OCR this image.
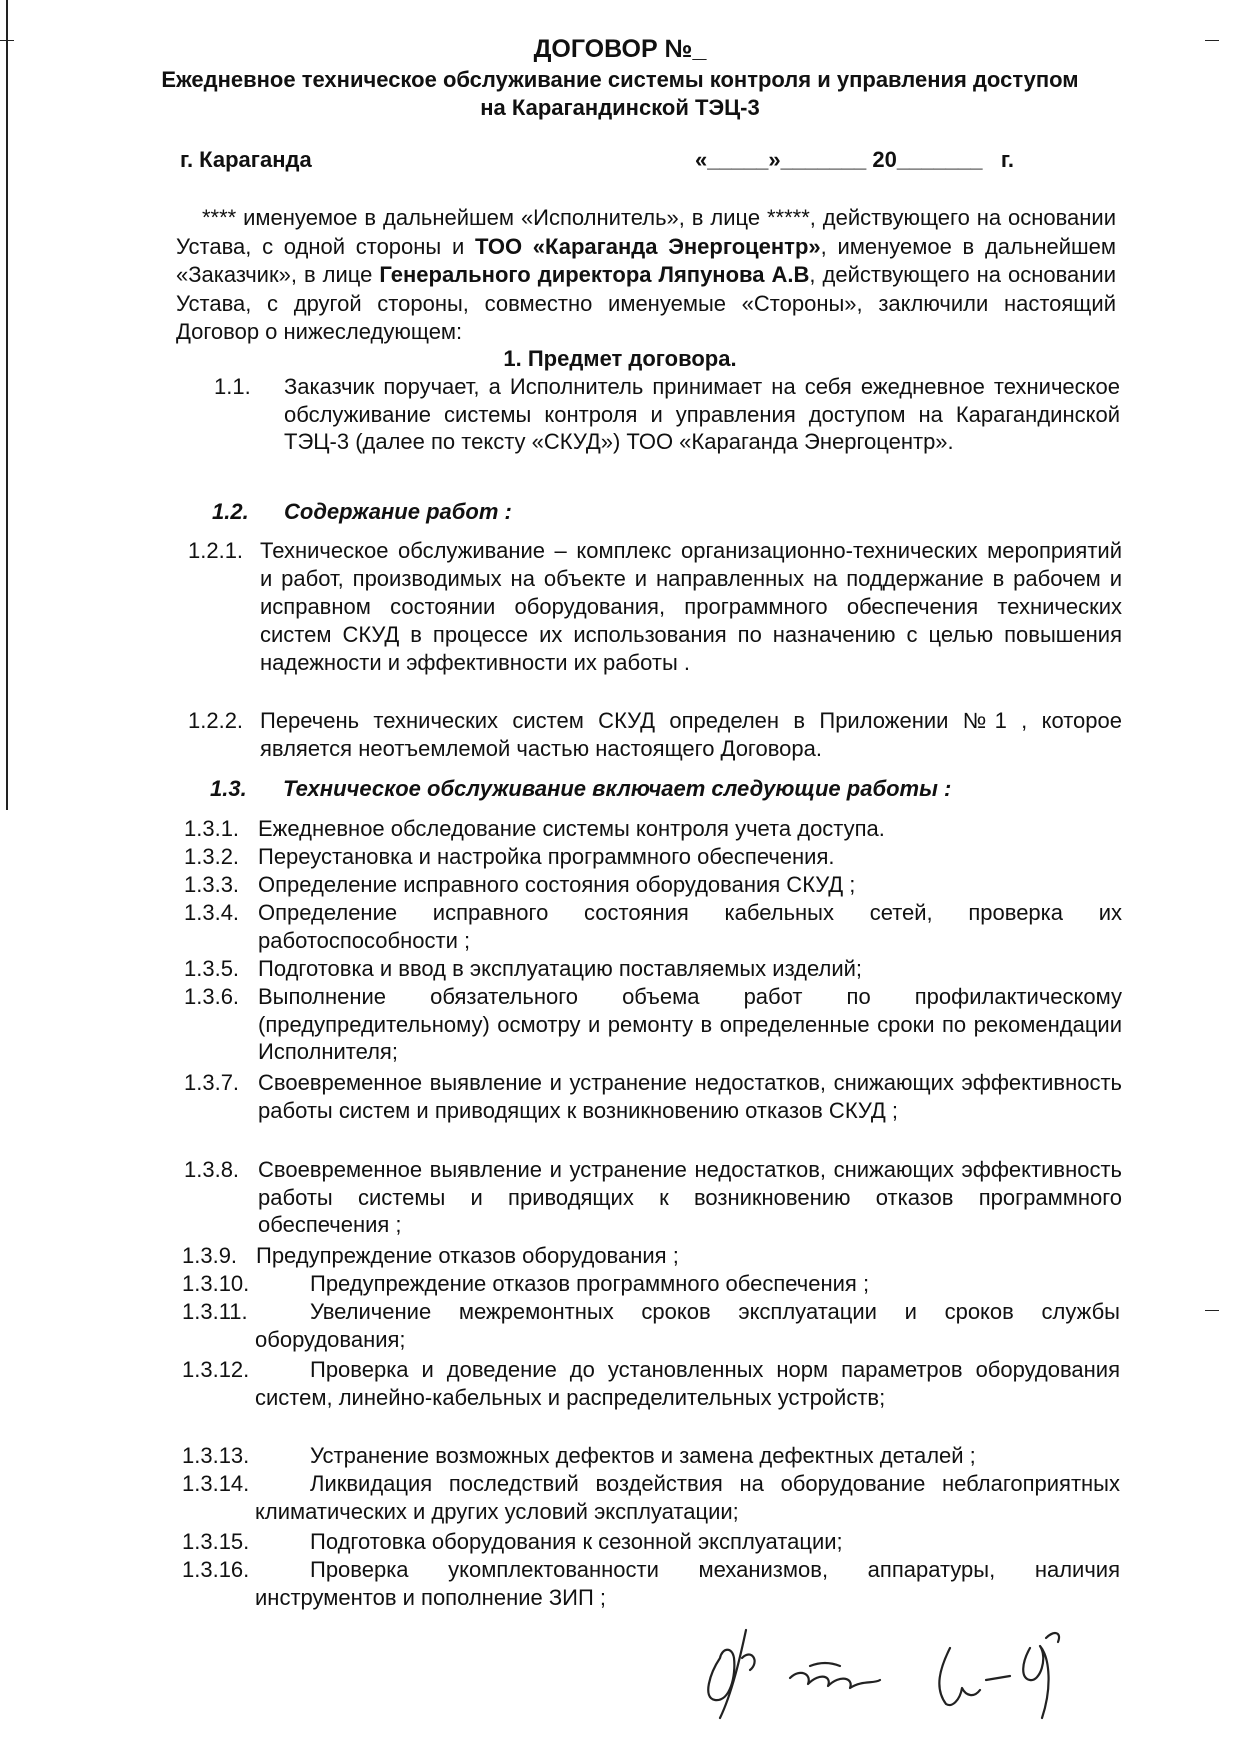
ДОГОВОР №_
Ежедневное техническое обслуживание системы контроля и управления доступом на Карагандинской ТЭЦ-3
г. Караганда	«_____»_______ 20_______   г.
**** именуемое в дальнейшем «Исполнитель», в лице *****, действующего на основании Устава, с одной стороны и ТОО «Караганда Энергоцентр», именуемое в дальнейшем «Заказчик», в лице Генерального директора Ляпунова А.В, действующего на основании Устава, с другой стороны, совместно именуемые «Стороны», заключили настоящий Договор о нижеследующем:
1. Предмет договора.
1.1. Заказчик поручает, а Исполнитель принимает на себя ежедневное техническое обслуживание системы контроля и управления доступом на Карагандинской ТЭЦ-3 (далее по тексту «СКУД») ТОО «Караганда Энергоцентр».
1.2. Содержание работ :
1.2.1. Техническое обслуживание – комплекс организационно-технических мероприятий и работ, производимых на объекте и направленных на поддержание в рабочем и исправном состоянии оборудования, программного обеспечения технических систем СКУД в процессе их использования по назначению с целью повышения надежности и эффективности их работы .
1.2.2. Перечень технических систем СКУД определен в Приложении №1 , которое является неотъемлемой частью настоящего Договора.
1.3. Техническое обслуживание включает следующие работы :
1.3.1. Ежедневное обследование системы контроля учета доступа.
1.3.2. Переустановка и настройка программного обеспечения.
1.3.3. Определение исправного состояния оборудования СКУД ;
1.3.4. Определение исправного состояния кабельных сетей, проверка их работоспособности ;
1.3.5. Подготовка и ввод в эксплуатацию поставляемых изделий;
1.3.6. Выполнение обязательного объема работ по профилактическому (предупредительному) осмотру и ремонту в определенные сроки по рекомендации Исполнителя;
1.3.7. Своевременное выявление и устранение недостатков, снижающих эффективность работы систем и приводящих к возникновению отказов СКУД ;
1.3.8. Своевременное выявление и устранение недостатков, снижающих эффективность работы системы и приводящих к возникновению отказов программного обеспечения ;
1.3.9. Предупреждение отказов оборудования ;
1.3.10.	Предупреждение отказов программного обеспечения ;
1.3.11.	Увеличение межремонтных сроков эксплуатации и сроков службы оборудования;
1.3.12.	Проверка и доведение до установленных норм параметров оборудования систем, линейно-кабельных и распределительных устройств;
1.3.13.	Устранение возможных дефектов и замена дефектных деталей ;
1.3.14.	Ликвидация последствий воздействия на оборудование неблагоприятных климатических и других условий эксплуатации;
1.3.15.	Подготовка оборудования к сезонной эксплуатации;
1.3.16.	Проверка укомплектованности механизмов, аппаратуры, наличия инструментов и пополнение ЗИП ;
